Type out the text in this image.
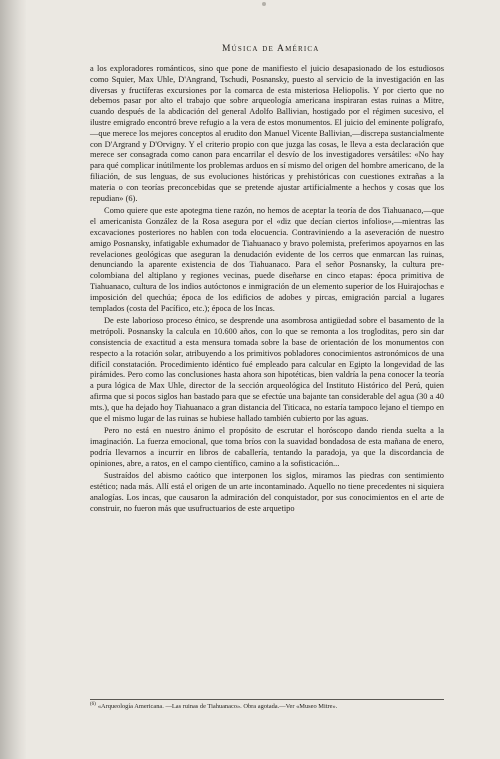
Música de América

a los exploradores románticos, sino que pone de manifiesto el juicio desapasionado de los estudiosos como Squier, Max Uhle, D'Angrand, Tschudi, Posnansky, puesto al servicio de la investigación en las diversas y fructíferas excursiones por la comarca de esta misteriosa Heliopolis. Y por cierto que no debemos pasar por alto el trabajo que sobre arqueología americana inspiraran estas ruinas a Mitre, cuando después de la abdicación del general Adolfo Ballivian, hostigado por el régimen sucesivo, el ilustre emigrado encontró breve refugio a la vera de estos monumentos. El juicio del eminente polígrafo,—que merece los mejores conceptos al erudito don Manuel Vicente Ballivian,—discrepa sustancialmente con D'Argrand y D'Orvigny. Y el criterio propio con que juzga las cosas, le lleva a esta declaración que merece ser consagrada como canon para encarrilar el desvío de los investigadores versátiles: «No hay para qué complicar inútilmente los problemas arduos en sí mismo del origen del hombre americano, de la filiación, de sus lenguas, de sus evoluciones históricas y prehistóricas con cuestiones extrañas a la materia o con teorías preconcebidas que se pretende ajustar artificialmente a hechos y cosas que los repudian» (6).

Como quiere que este apotegma tiene razón, no hemos de aceptar la teoría de dos Tiahuanaco,—que el americanista González de la Rosa asegura por el «diz que decían ciertos infolios»,—mientras las excavaciones posteriores no hablen con toda elocuencia. Contraviniendo a la aseveración de nuestro amigo Posnansky, infatigable exhumador de Tiahuanaco y bravo polemista, preferimos apoyarnos en las revelaciones geológicas que aseguran la denudación evidente de los cerros que enmarcan las ruinas, denunciando la aparente existencia de dos Tiahuanaco. Para el señor Posnansky, la cultura pre-colombiana del altiplano y regiones vecinas, puede diseñarse en cinco etapas: época primitiva de Tiahuanaco, cultura de los indios autóctonos e inmigración de un elemento superior de los Huirajochas e imposición del quechúa; época de los edificios de adobes y pircas, emigración parcial a lugares templados (costa del Pacífico, etc.); época de los Incas.

De este laborioso proceso étnico, se desprende una asombrosa antigüedad sobre el basamento de la metrópoli. Posnansky la calcula en 10.600 años, con lo que se remonta a los trogloditas, pero sin dar consistencia de exactitud a esta mensura tomada sobre la base de orientación de los monumentos con respecto a la rotación solar, atribuyendo a los primitivos pobladores conocimientos astronómicos de una difícil constatación. Procedimiento idéntico fué empleado para calcular en Egipto la longevidad de las pirámides. Pero como las conclusiones hasta ahora son hipotéticas, bien valdría la pena conocer la teoría a pura lógica de Max Uhle, director de la sección arqueológica del Instituto Histórico del Perú, quien afirma que si pocos siglos han bastado para que se efectúe una bajante tan considerable del agua (30 a 40 mts.), que ha dejado hoy Tiahuanaco a gran distancia del Titicaca, no estaría tampoco lejano el tiempo en que el mismo lugar de las ruinas se hubiese hallado también cubierto por las aguas.

Pero no está en nuestro ánimo el propósito de escrutar el horóscopo dando rienda suelta a la imaginación. La fuerza emocional, que toma bríos con la suavidad bondadosa de esta mañana de enero, podría llevarnos a incurrir en libros de caballería, tentando la paradoja, ya que la discordancia de opiniones, abre, a ratos, en el campo científico, camino a la sofisticación...

Sustraídos del abismo caótico que interponen los siglos, miramos las piedras con sentimiento estético; nada más. Allí está el origen de un arte incontaminado. Aquello no tiene precedentes ni siquiera analogías. Los incas, que causaron la admiración del conquistador, por sus conocimientos en el arte de construir, no fueron más que usufructuarios de este arquetipo

$^{(6)}$ «Arqueología Americana. —Las ruinas de Tiahuanaco». Obra agotada.—Ver «Museo Mitre».
